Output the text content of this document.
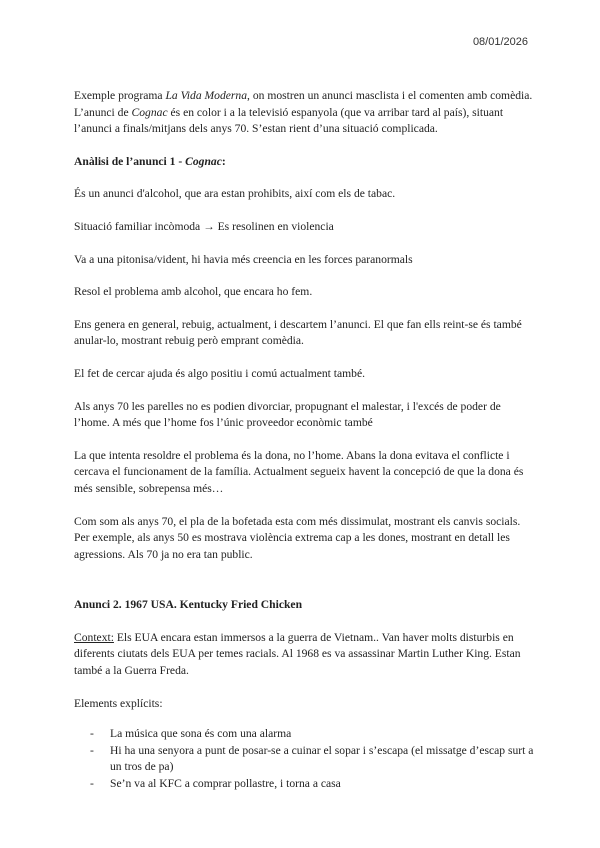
08/01/2026

Exemple programa La Vida Moderna, on mostren un anunci masclista i el comenten amb comèdia. L’anunci de Cognac és en color i a la televisió espanyola (que va arribar tard al país), situant l’anunci a finals/mitjans dels anys 70. S’estan rient d’una situació complicada.

Anàlisi de l’anunci 1 - Cognac:

És un anunci d'alcohol, que ara estan prohibits, així com els de tabac.

Situació familiar incòmoda → Es resolinen en violencia

Va a una pitonisa/vident, hi havia més creencia en les forces paranormals

Resol el problema amb alcohol, que encara ho fem.

Ens genera en general, rebuig, actualment, i descartem l’anunci. El que fan ells reint-se és també anular-lo, mostrant rebuig però emprant comèdia.

El fet de cercar ajuda és algo positiu i comú actualment també.

Als anys 70 les parelles no es podien divorciar, propugnant el malestar, i l'excés de poder de l’home. A més que l’home fos l’únic proveedor econòmic també

La que intenta resoldre el problema és la dona, no l’home. Abans la dona evitava el conflicte i cercava el funcionament de la família. Actualment segueix havent la concepció de que la dona és més sensible, sobrepensa més…

Com som als anys 70, el pla de la bofetada esta com més dissimulat, mostrant els canvis socials. Per exemple, als anys 50 es mostrava violència extrema cap a les dones, mostrant en detall les agressions. Als 70 ja no era tan public.

Anunci 2. 1967 USA. Kentucky Fried Chicken

Context: Els EUA encara estan immersos a la guerra de Vietnam.. Van haver molts disturbis en diferents ciutats dels EUA per temes racials. Al 1968 es va assassinar Martin Luther King. Estan també a la Guerra Freda.

Elements explícits:

- La música que sona és com una alarma
- Hi ha una senyora a punt de posar-se a cuinar el sopar i s’escapa (el missatge d’escap surt a un tros de pa)
- Se’n va al KFC a comprar pollastre, i torna a casa
